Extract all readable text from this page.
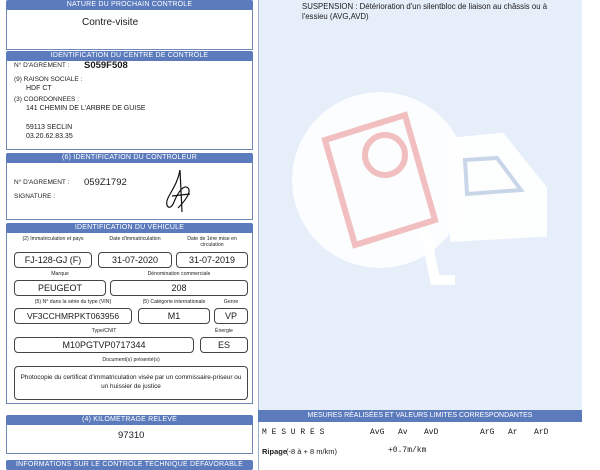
NATURE DU PROCHAIN CONTRÔLE
Contre-visite
IDENTIFICATION DU CENTRE DE CONTRÔLE
N° D'AGREMENT : S059F508
(9) RAISON SOCIALE :
HDF CT
(3) COORDONNEES :
141 CHEMIN DE L'ARBRE DE GUISE
59113 SECLIN
03.20.62.83.35
(6) IDENTIFICATION DU CONTRÔLEUR
N° D'AGREMENT : 059Z1792
SIGNATURE :
IDENTIFICATION DU VÉHICULE
(2) Immatriculation et pays	Date d'immatriculation	Date de 1ère mise en circulation
FJ-128-GJ (F)	31-07-2020	31-07-2019
Marque	Dénomination commerciale
PEUGEOT	208
(5) N° dans la série du type (VIN)	(5) Catégorie internationale	Genre
VF3CCHMRPKT063956	M1	VP
Type/CNIT	Énergie
M10PGTVP0717344	ES
Document(s) présenté(s)
Photocopie du certificat d'immatriculation visée par un commissaire-priseur ou un huissier de justice
(4) KILOMÉTRAGE RELEVÉ
97310
INFORMATIONS SUR LE CONTRÔLE TECHNIQUE DÉFAVORABLE
SUSPENSION : Détérioration d'un silentbloc de liaison au châssis ou à l'essieu (AVG,AVD)
MESURES RÉALISÉES ET VALEURS LIMITES CORRESPONDANTES
M E S U R E S	AvG Av AvD	ArG Ar ArD
Ripage
(-8 à + 8 m/km)	+0.7m/km
